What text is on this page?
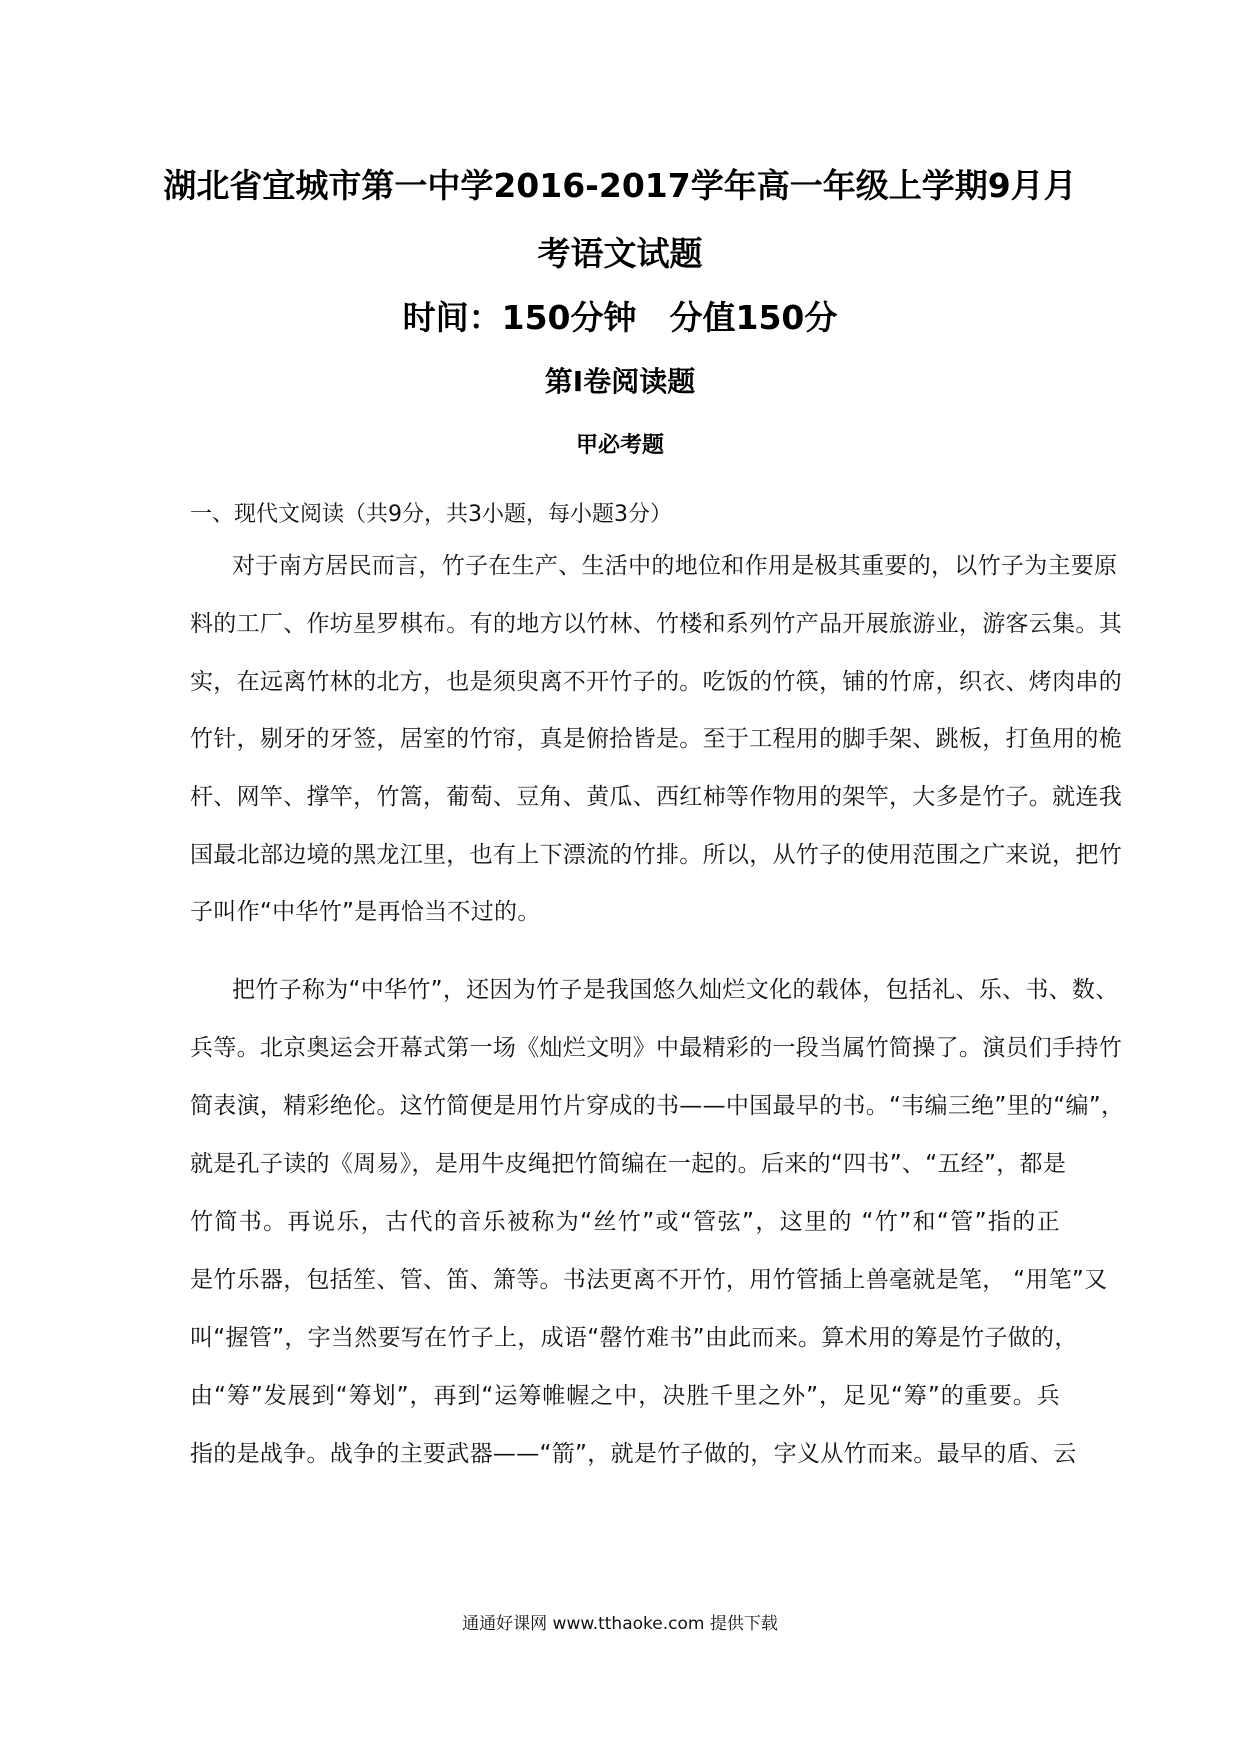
湖北省宜城市第一中学2016-2017学年高一年级上学期9月月
考语文试题
时间：150分钟　分值150分
第I卷阅读题
甲必考题
一、现代文阅读（共9分，共3小题，每小题3分）
对于南方居民而言，竹子在生产、生活中的地位和作用是极其重要的，以竹子为主要原
料的工厂、作坊星罗棋布。有的地方以竹林、竹楼和系列竹产品开展旅游业，游客云集。其
实，在远离竹林的北方，也是须臾离不开竹子的。吃饭的竹筷，铺的竹席，织衣、烤肉串的
竹针，剔牙的牙签，居室的竹帘，真是俯拾皆是。至于工程用的脚手架、跳板，打鱼用的桅
杆、网竿、撑竿，竹篙，葡萄、豆角、黄瓜、西红柿等作物用的架竿，大多是竹子。就连我
国最北部边境的黑龙江里，也有上下漂流的竹排。所以，从竹子的使用范围之广来说，把竹
子叫作“中华竹”是再恰当不过的。
把竹子称为“中华竹”，还因为竹子是我国悠久灿烂文化的载体，包括礼、乐、书、数、
兵等。北京奥运会开幕式第一场《灿烂文明》中最精彩的一段当属竹简操了。演员们手持竹
简表演，精彩绝伦。这竹简便是用竹片穿成的书——中国最早的书。“韦编三绝”里的“编”，
就是孔子读的《周易》，是用牛皮绳把竹简编在一起的。后来的“四书”、“五经”，都是
竹简书。再说乐，古代的音乐被称为“丝竹”或“管弦”，这里的 “竹”和“管”指的正
是竹乐器，包括笙、管、笛、箫等。书法更离不开竹，用竹管插上兽毫就是笔， “用笔”又
叫“握管”，字当然要写在竹子上，成语“罄竹难书”由此而来。算术用的筹是竹子做的，
由“筹”发展到“筹划”，再到“运筹帷幄之中，决胜千里之外”，足见“筹”的重要。兵
指的是战争。战争的主要武器——“箭”，就是竹子做的，字义从竹而来。最早的盾、云
通通好课网 www.tthaoke.com 提供下载
